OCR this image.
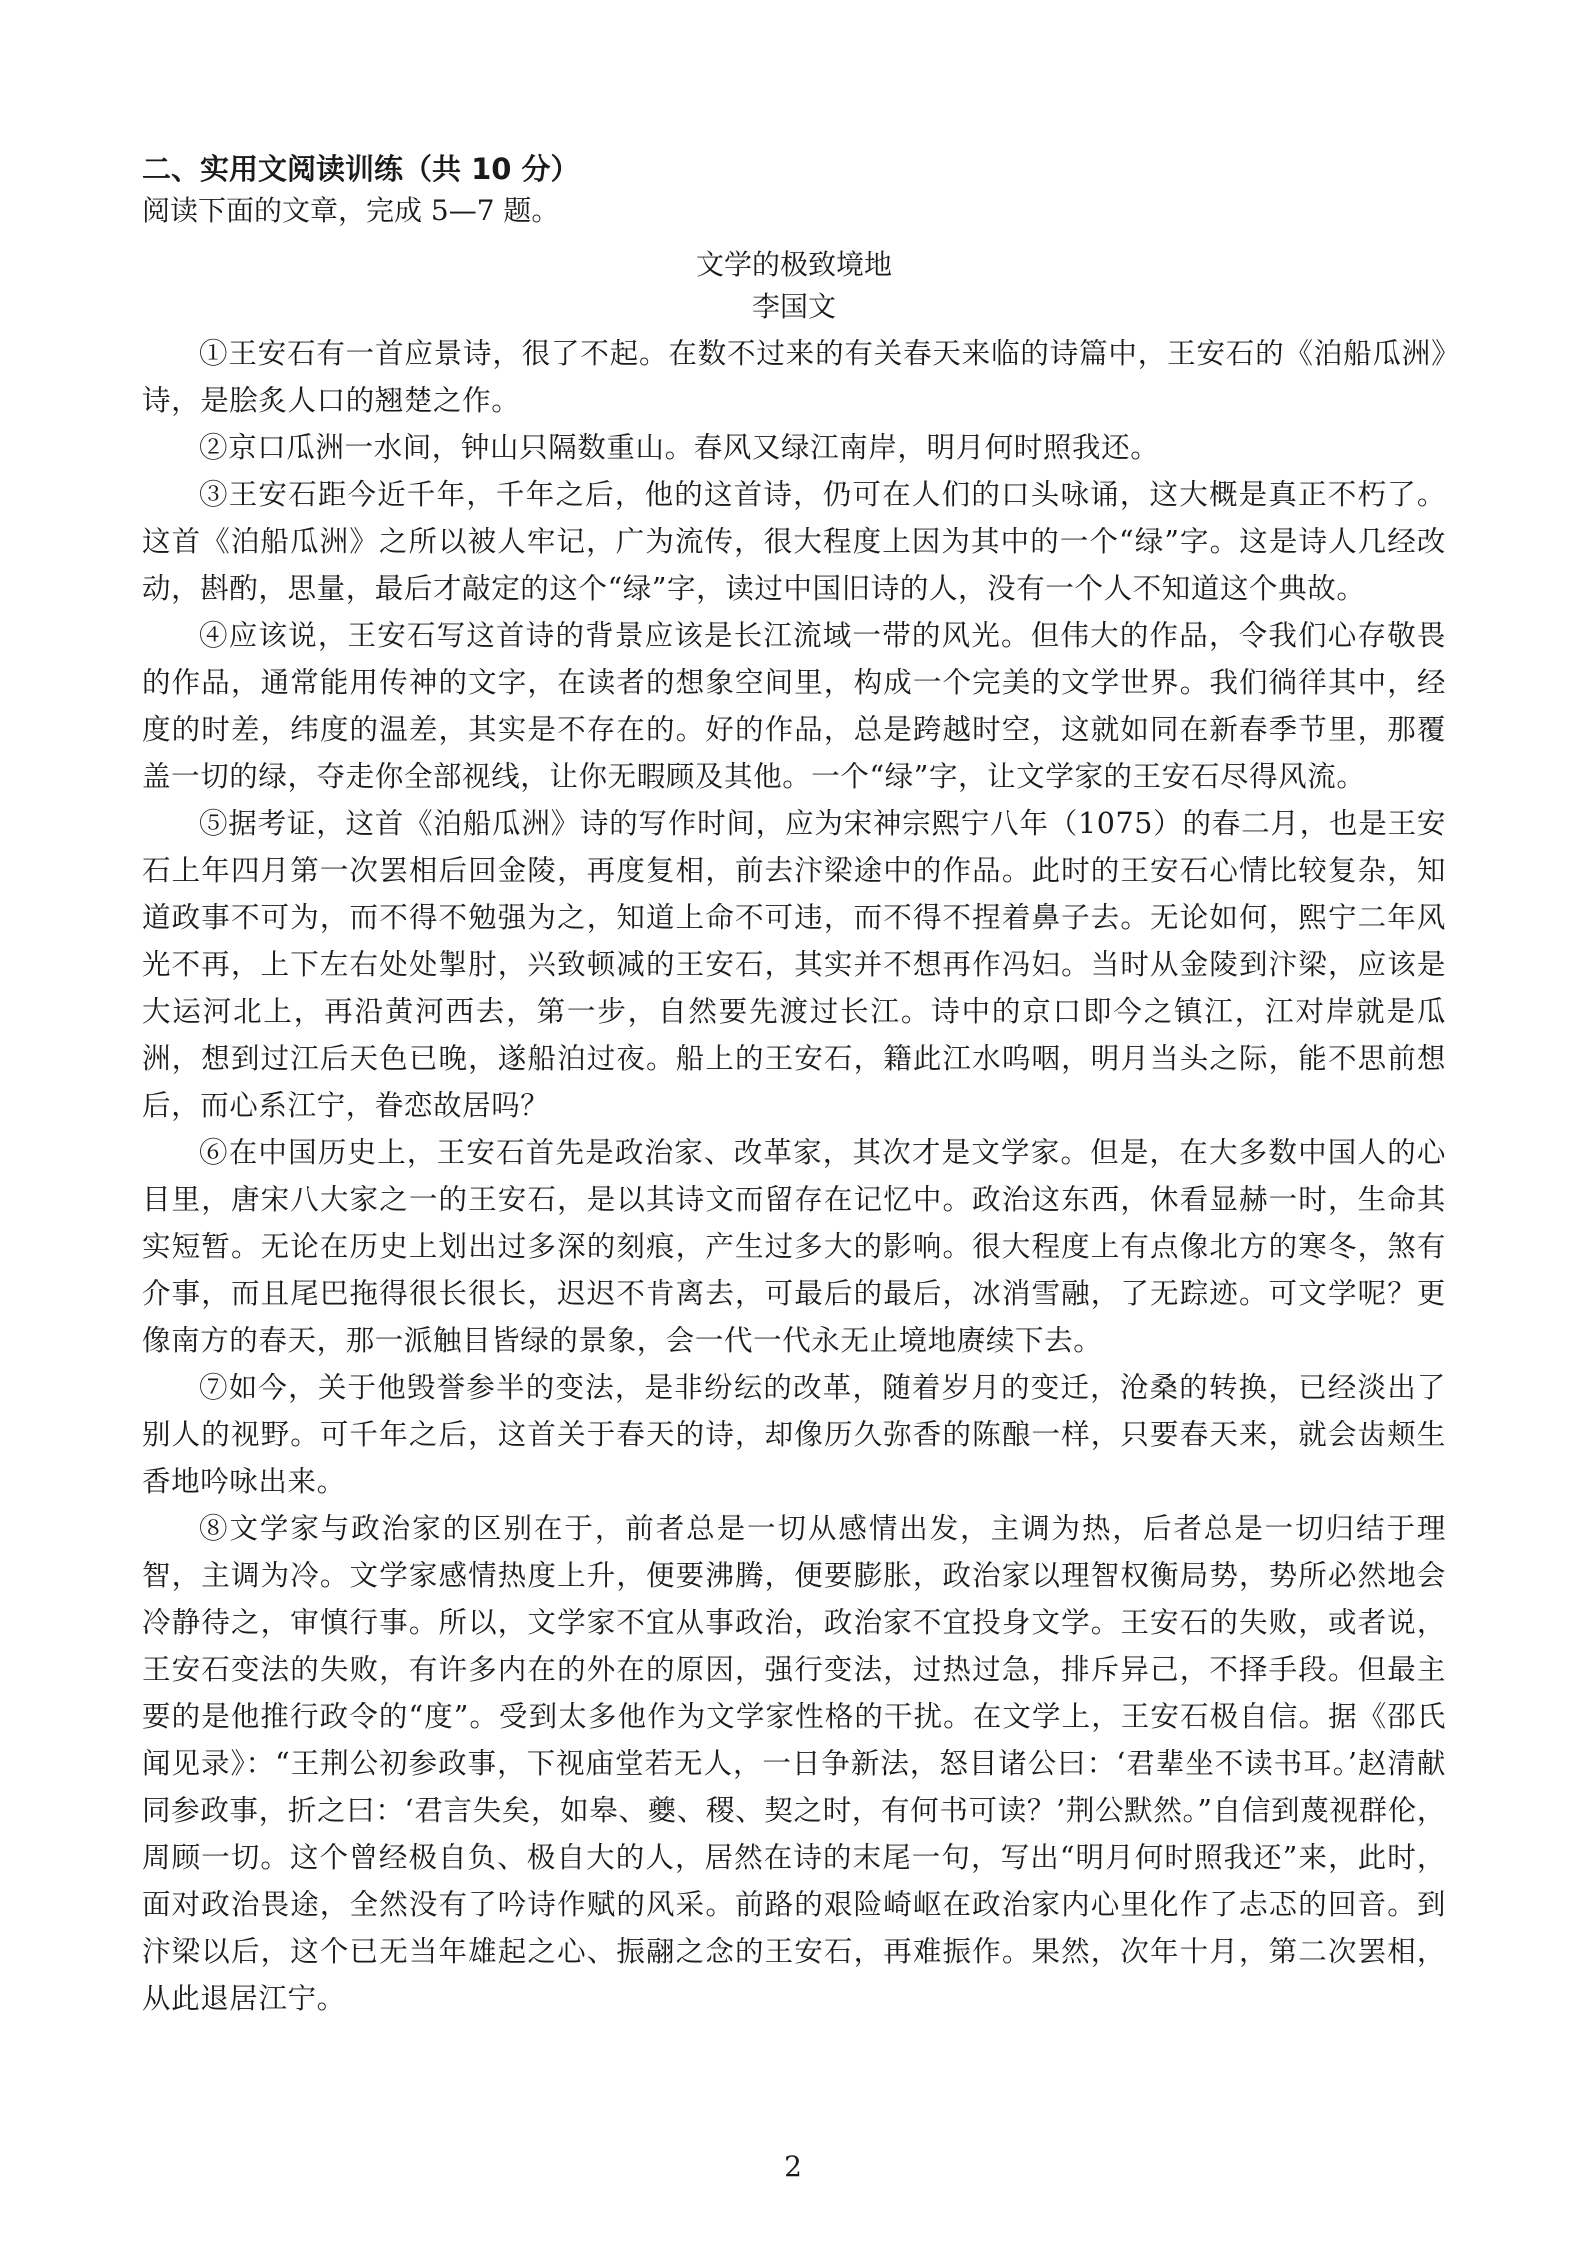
二、实用文阅读训练（共 10 分）

阅读下面的文章，完成 5—7 题。

文学的极致境地
李国文

①王安石有一首应景诗，很了不起。在数不过来的有关春天来临的诗篇中，王安石的《泊船瓜洲》诗，是脍炙人口的翘楚之作。

②京口瓜洲一水间，钟山只隔数重山。春风又绿江南岸，明月何时照我还。

③王安石距今近千年，千年之后，他的这首诗，仍可在人们的口头咏诵，这大概是真正不朽了。这首《泊船瓜洲》之所以被人牢记，广为流传，很大程度上因为其中的一个“绿”字。这是诗人几经改动，斟酌，思量，最后才敲定的这个“绿”字，读过中国旧诗的人，没有一个人不知道这个典故。

④应该说，王安石写这首诗的背景应该是长江流域一带的风光。但伟大的作品，令我们心存敬畏的作品，通常能用传神的文字，在读者的想象空间里，构成一个完美的文学世界。我们徜徉其中，经度的时差，纬度的温差，其实是不存在的。好的作品，总是跨越时空，这就如同在新春季节里，那覆盖一切的绿，夺走你全部视线，让你无暇顾及其他。一个“绿”字，让文学家的王安石尽得风流。

⑤据考证，这首《泊船瓜洲》诗的写作时间，应为宋神宗熙宁八年（1075）的春二月，也是王安石上年四月第一次罢相后回金陵，再度复相，前去汴梁途中的作品。此时的王安石心情比较复杂，知道政事不可为，而不得不勉强为之，知道上命不可违，而不得不捏着鼻子去。无论如何，熙宁二年风光不再，上下左右处处掣肘，兴致顿减的王安石，其实并不想再作冯妇。当时从金陵到汴梁，应该是大运河北上，再沿黄河西去，第一步，自然要先渡过长江。诗中的京口即今之镇江，江对岸就是瓜洲，想到过江后天色已晚，遂船泊过夜。船上的王安石，籍此江水呜咽，明月当头之际，能不思前想后，而心系江宁，眷恋故居吗？

⑥在中国历史上，王安石首先是政治家、改革家，其次才是文学家。但是，在大多数中国人的心目里，唐宋八大家之一的王安石，是以其诗文而留存在记忆中。政治这东西，休看显赫一时，生命其实短暂。无论在历史上划出过多深的刻痕，产生过多大的影响。很大程度上有点像北方的寒冬，煞有介事，而且尾巴拖得很长很长，迟迟不肯离去，可最后的最后，冰消雪融，了无踪迹。可文学呢？更像南方的春天，那一派触目皆绿的景象，会一代一代永无止境地赓续下去。

⑦如今，关于他毁誉参半的变法，是非纷纭的改革，随着岁月的变迁，沧桑的转换，已经淡出了别人的视野。可千年之后，这首关于春天的诗，却像历久弥香的陈酿一样，只要春天来，就会齿颊生香地吟咏出来。

⑧文学家与政治家的区别在于，前者总是一切从感情出发，主调为热，后者总是一切归结于理智，主调为冷。文学家感情热度上升，便要沸腾，便要膨胀，政治家以理智权衡局势，势所必然地会冷静待之，审慎行事。所以，文学家不宜从事政治，政治家不宜投身文学。王安石的失败，或者说，王安石变法的失败，有许多内在的外在的原因，强行变法，过热过急，排斥异己，不择手段。但最主要的是他推行政令的“度”。受到太多他作为文学家性格的干扰。在文学上，王安石极自信。据《邵氏闻见录》：“王荆公初参政事，下视庙堂若无人，一日争新法，怒目诸公曰：‘君辈坐不读书耳。’赵清献同参政事，折之曰：‘君言失矣，如皋、夔、稷、契之时，有何书可读？’荆公默然。”自信到蔑视群伦，周顾一切。这个曾经极自负、极自大的人，居然在诗的末尾一句，写出“明月何时照我还”来，此时，面对政治畏途，全然没有了吟诗作赋的风采。前路的艰险崎岖在政治家内心里化作了忐忑的回音。到汴梁以后，这个已无当年雄起之心、振翮之念的王安石，再难振作。果然，次年十月，第二次罢相，从此退居江宁。

2
